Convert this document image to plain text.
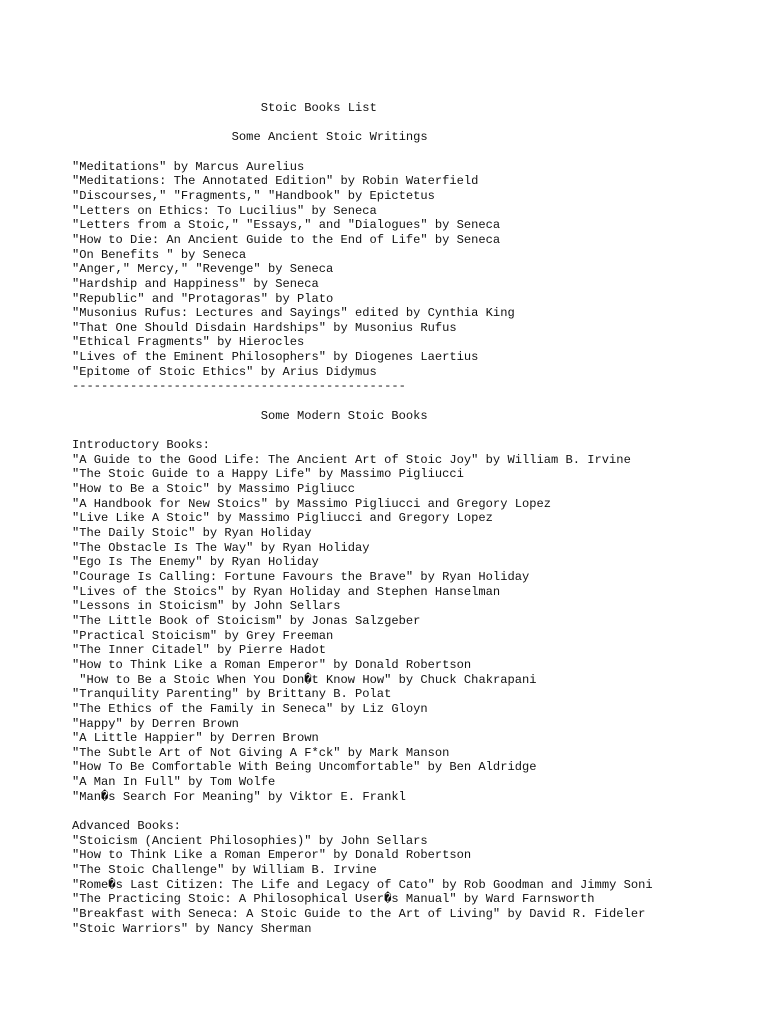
Stoic Books List
Some Ancient Stoic Writings
"Meditations" by Marcus Aurelius
"Meditations: The Annotated Edition" by Robin Waterfield
"Discourses," "Fragments," "Handbook" by Epictetus
"Letters on Ethics: To Lucilius" by Seneca
"Letters from a Stoic," "Essays," and "Dialogues" by Seneca
"How to Die: An Ancient Guide to the End of Life" by Seneca
"On Benefits " by Seneca
"Anger," Mercy," "Revenge" by Seneca
"Hardship and Happiness" by Seneca
"Republic" and "Protagoras" by Plato
"Musonius Rufus: Lectures and Sayings" edited by Cynthia King
"That One Should Disdain Hardships" by Musonius Rufus
"Ethical Fragments" by Hierocles
"Lives of the Eminent Philosophers" by Diogenes Laertius
"Epitome of Stoic Ethics" by Arius Didymus
----------------------------------------------
Some Modern Stoic Books
Introductory Books:
"A Guide to the Good Life: The Ancient Art of Stoic Joy" by William B. Irvine
"The Stoic Guide to a Happy Life" by Massimo Pigliucci
"How to Be a Stoic" by Massimo Pigliucc
"A Handbook for New Stoics" by Massimo Pigliucci and Gregory Lopez
"Live Like A Stoic" by Massimo Pigliucci and Gregory Lopez
"The Daily Stoic" by Ryan Holiday
"The Obstacle Is The Way" by Ryan Holiday
"Ego Is The Enemy" by Ryan Holiday
"Courage Is Calling: Fortune Favours the Brave" by Ryan Holiday
"Lives of the Stoics" by Ryan Holiday and Stephen Hanselman
"Lessons in Stoicism" by John Sellars
"The Little Book of Stoicism" by Jonas Salzgeber
"Practical Stoicism" by Grey Freeman
"The Inner Citadel" by Pierre Hadot
"How to Think Like a Roman Emperor" by Donald Robertson
"How to Be a Stoic When You Don�t Know How" by Chuck Chakrapani
"Tranquility Parenting" by Brittany B. Polat
"The Ethics of the Family in Seneca" by Liz Gloyn
"Happy" by Derren Brown
"A Little Happier" by Derren Brown
"The Subtle Art of Not Giving A F*ck" by Mark Manson
"How To Be Comfortable With Being Uncomfortable" by Ben Aldridge
"A Man In Full" by Tom Wolfe
"Man�s Search For Meaning" by Viktor E. Frankl
Advanced Books:
"Stoicism (Ancient Philosophies)" by John Sellars
"How to Think Like a Roman Emperor" by Donald Robertson
"The Stoic Challenge" by William B. Irvine
"Rome�s Last Citizen: The Life and Legacy of Cato" by Rob Goodman and Jimmy Soni
"The Practicing Stoic: A Philosophical User�s Manual" by Ward Farnsworth
"Breakfast with Seneca: A Stoic Guide to the Art of Living" by David R. Fideler
"Stoic Warriors" by Nancy Sherman
